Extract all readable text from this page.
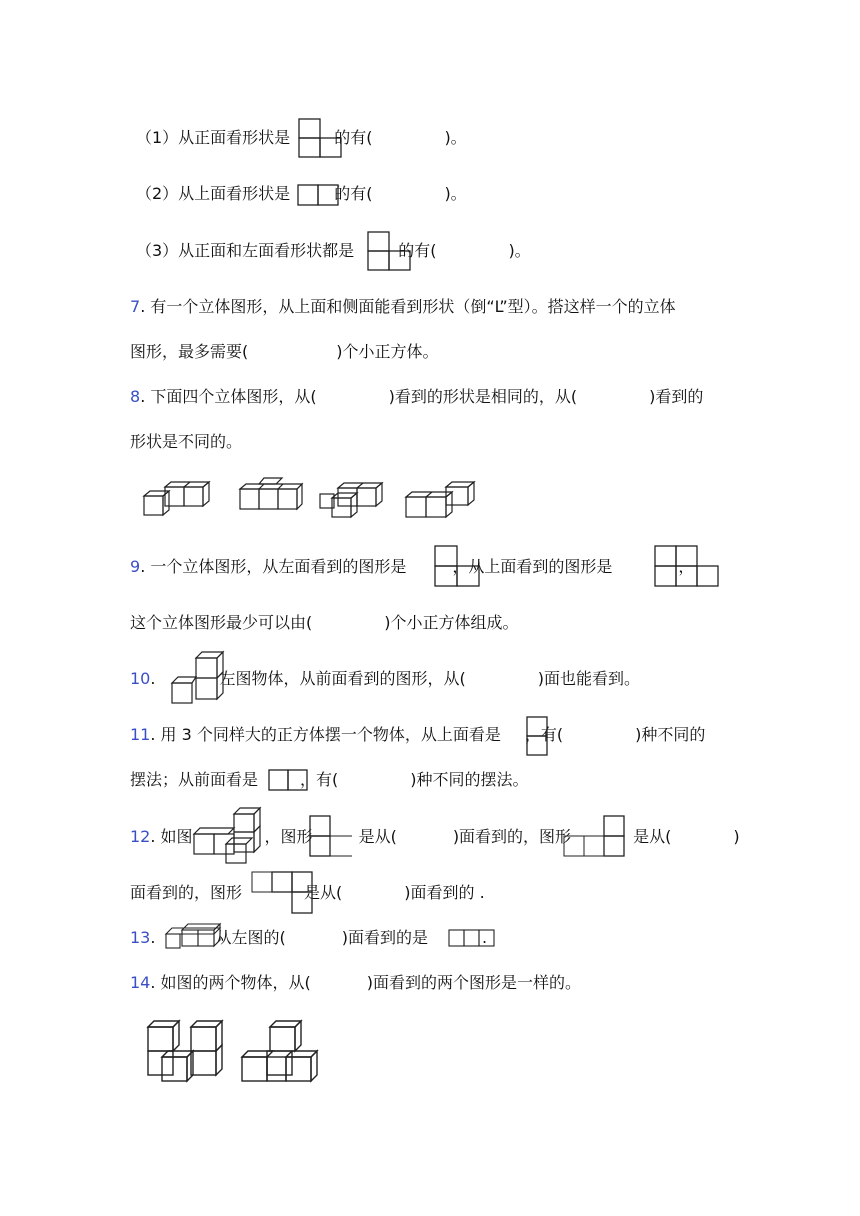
（1）从正面看形状是	的有(	)。
（2）从上面看形状是	的有(	)。
（3）从正面和左面看形状都是	的有(	)。
7. 有一个立体图形，从上面和侧面能看到形状（倒“L”型）。搭这样一个的立体
图形，最多需要(	)个小正方体。
8. 下面四个立体图形，从(	)看到的形状是相同的，从(	)看到的
形状是不同的。
9. 一个立体图形，从左面看到的图形是	，从上面看到的图形是	，
这个立体图形最少可以由(	)个小正方体组成。
10.	左图物体，从前面看到的图形，从(	)面也能看到。
11. 用 3 个同样大的正方体摆一个物体，从上面看是 ，有(	)种不同的
摆法；从前面看是	，有(	)种不同的摆法。
12. 如图	，图形	是从(	)面看到的，图形	是从(	)
面看到的，图形	是从(	)面看到的 .
13.	从左图的(	)面看到的是	.
14. 如图的两个物体，从(	)面看到的两个图形是一样的。
